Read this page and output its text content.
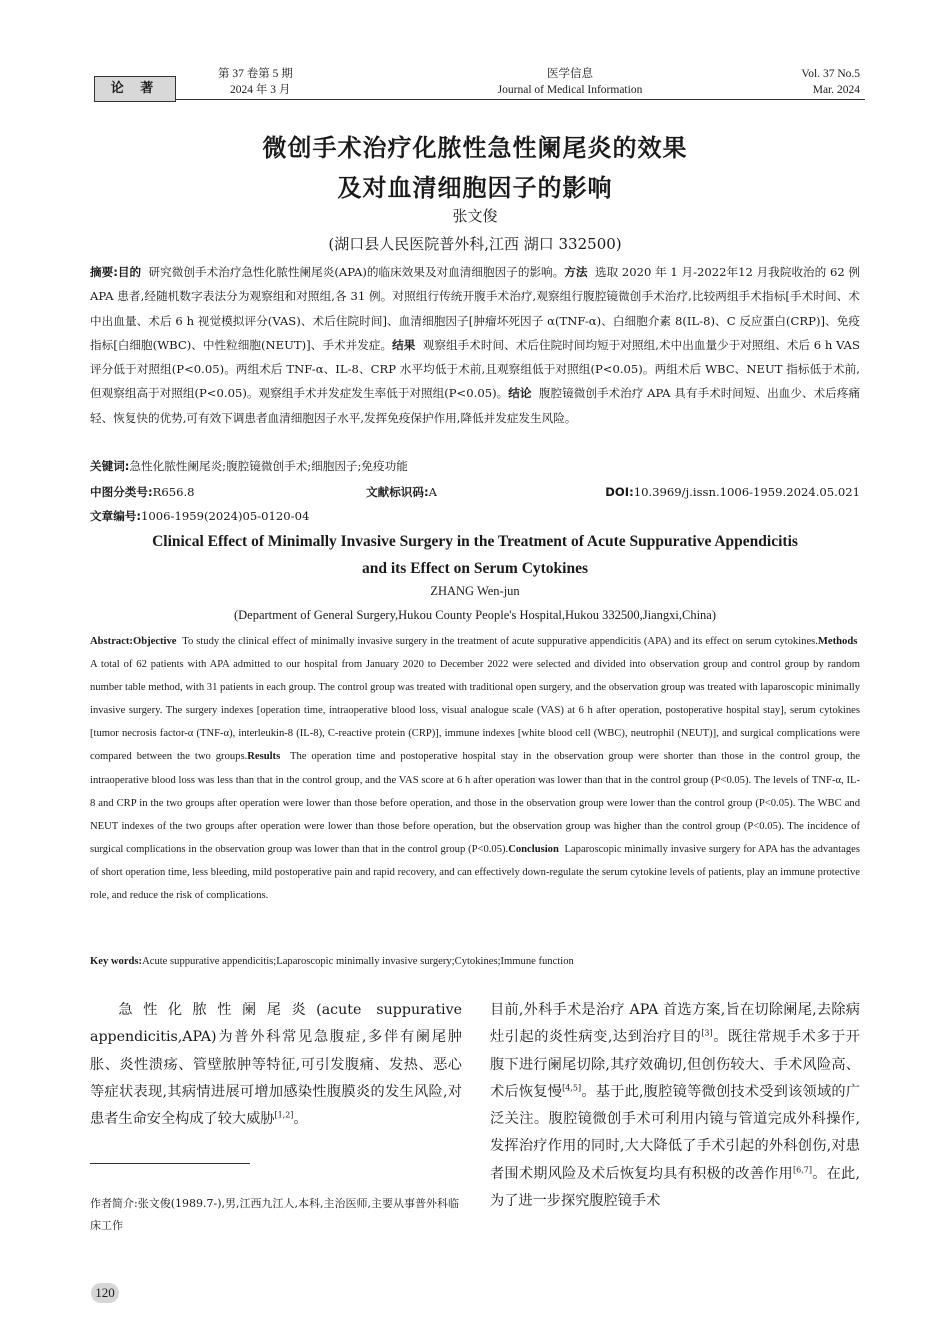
论 著
第 37 卷第 5 期
2024 年 3 月
医学信息
Journal of Medical Information
Vol. 37 No.5
Mar. 2024
微创手术治疗化脓性急性阑尾炎的效果
及对血清细胞因子的影响
张文俊
(湖口县人民医院普外科,江西 湖口 332500)
摘要:目的 研究微创手术治疗急性化脓性阑尾炎(APA)的临床效果及对血清细胞因子的影响。方法 选取 2020 年 1 月-2022年12 月我院收治的 62 例 APA 患者,经随机数字表法分为观察组和对照组,各 31 例。对照组行传统开腹手术治疗,观察组行腹腔镜微创手术治疗,比较两组手术指标[手术时间、术中出血量、术后 6 h 视觉模拟评分(VAS)、术后住院时间]、血清细胞因子[肿瘤坏死因子 α(TNF-α)、白细胞介素 8(IL-8)、C 反应蛋白(CRP)]、免疫指标[白细胞(WBC)、中性粒细胞(NEUT)]、手术并发症。结果 观察组手术时间、术后住院时间均短于对照组,术中出血量少于对照组、术后 6 h VAS 评分低于对照组(P<0.05)。两组术后 TNF-α、IL-8、CRP 水平均低于术前,且观察组低于对照组(P<0.05)。两组术后 WBC、NEUT 指标低于术前,但观察组高于对照组(P<0.05)。观察组手术并发症发生率低于对照组(P<0.05)。结论 腹腔镜微创手术治疗 APA 具有手术时间短、出血少、术后疼痛轻、恢复快的优势,可有效下调患者血清细胞因子水平,发挥免疫保护作用,降低并发症发生风险。
关键词:急性化脓性阑尾炎;腹腔镜微创手术;细胞因子;免疫功能
中图分类号:R656.8	文献标识码:A	DOI:10.3969/j.issn.1006-1959.2024.05.021
文章编号:1006-1959(2024)05-0120-04
Clinical Effect of Minimally Invasive Surgery in the Treatment of Acute Suppurative Appendicitis
and its Effect on Serum Cytokines
ZHANG Wen-jun
(Department of General Surgery,Hukou County People's Hospital,Hukou 332500,Jiangxi,China)
Abstract:Objective To study the clinical effect of minimally invasive surgery in the treatment of acute suppurative appendicitis (APA) and its effect on serum cytokines.Methods  A total of 62 patients with APA admitted to our hospital from January 2020 to December 2022 were selected and divided into observation group and control group by random number table method, with 31 patients in each group. The control group was treated with traditional open surgery, and the observation group was treated with laparoscopic minimally invasive surgery. The surgery indexes [operation time, intraoperative blood loss, visual analogue scale (VAS) at 6 h after operation, postoperative hospital stay], serum cytokines [tumor necrosis factor-α (TNF-α), interleukin-8 (IL-8), C-reactive protein (CRP)], immune indexes [white blood cell (WBC), neutrophil (NEUT)], and surgical complications were compared between the two groups.Results The operation time and postoperative hospital stay in the observation group were shorter than those in the control group, the intraoperative blood loss was less than that in the control group, and the VAS score at 6 h after operation was lower than that in the control group (P<0.05). The levels of TNF-α, IL-8 and CRP in the two groups after operation were lower than those before operation, and those in the observation group were lower than the control group (P<0.05). The WBC and NEUT indexes of the two groups after operation were lower than those before operation, but the observation group was higher than the control group (P<0.05). The incidence of surgical complications in the observation group was lower than that in the control group (P<0.05).Conclusion Laparoscopic minimally invasive surgery for APA has the advantages of short operation time, less bleeding, mild postoperative pain and rapid recovery, and can effectively down-regulate the serum cytokine levels of patients, play an immune protective role, and reduce the risk of complications.
Key words:Acute suppurative appendicitis;Laparoscopic minimally invasive surgery;Cytokines;Immune function
急性化脓性阑尾炎(acute suppurative appendicitis,APA)为普外科常见急腹症,多伴有阑尾肿胀、炎性溃疡、管壁脓肿等特征,可引发腹痛、发热、恶心等症状表现,其病情进展可增加感染性腹膜炎的发生风险,对患者生命安全构成了较大威胁[1,2]。
目前,外科手术是治疗 APA 首选方案,旨在切除阑尾,去除病灶引起的炎性病变,达到治疗目的[3]。既往常规手术多于开腹下进行阑尾切除,其疗效确切,但创伤较大、手术风险高、术后恢复慢[4,5]。基于此,腹腔镜等微创技术受到该领域的广泛关注。腹腔镜微创手术可利用内镜与管道完成外科操作,发挥治疗作用的同时,大大降低了手术引起的外科创伤,对患者围术期风险及术后恢复均具有积极的改善作用[6,7]。在此,为了进一步探究腹腔镜手术
作者简介:张文俊(1989.7-),男,江西九江人,本科,主治医师,主要从事普外科临床工作
120
